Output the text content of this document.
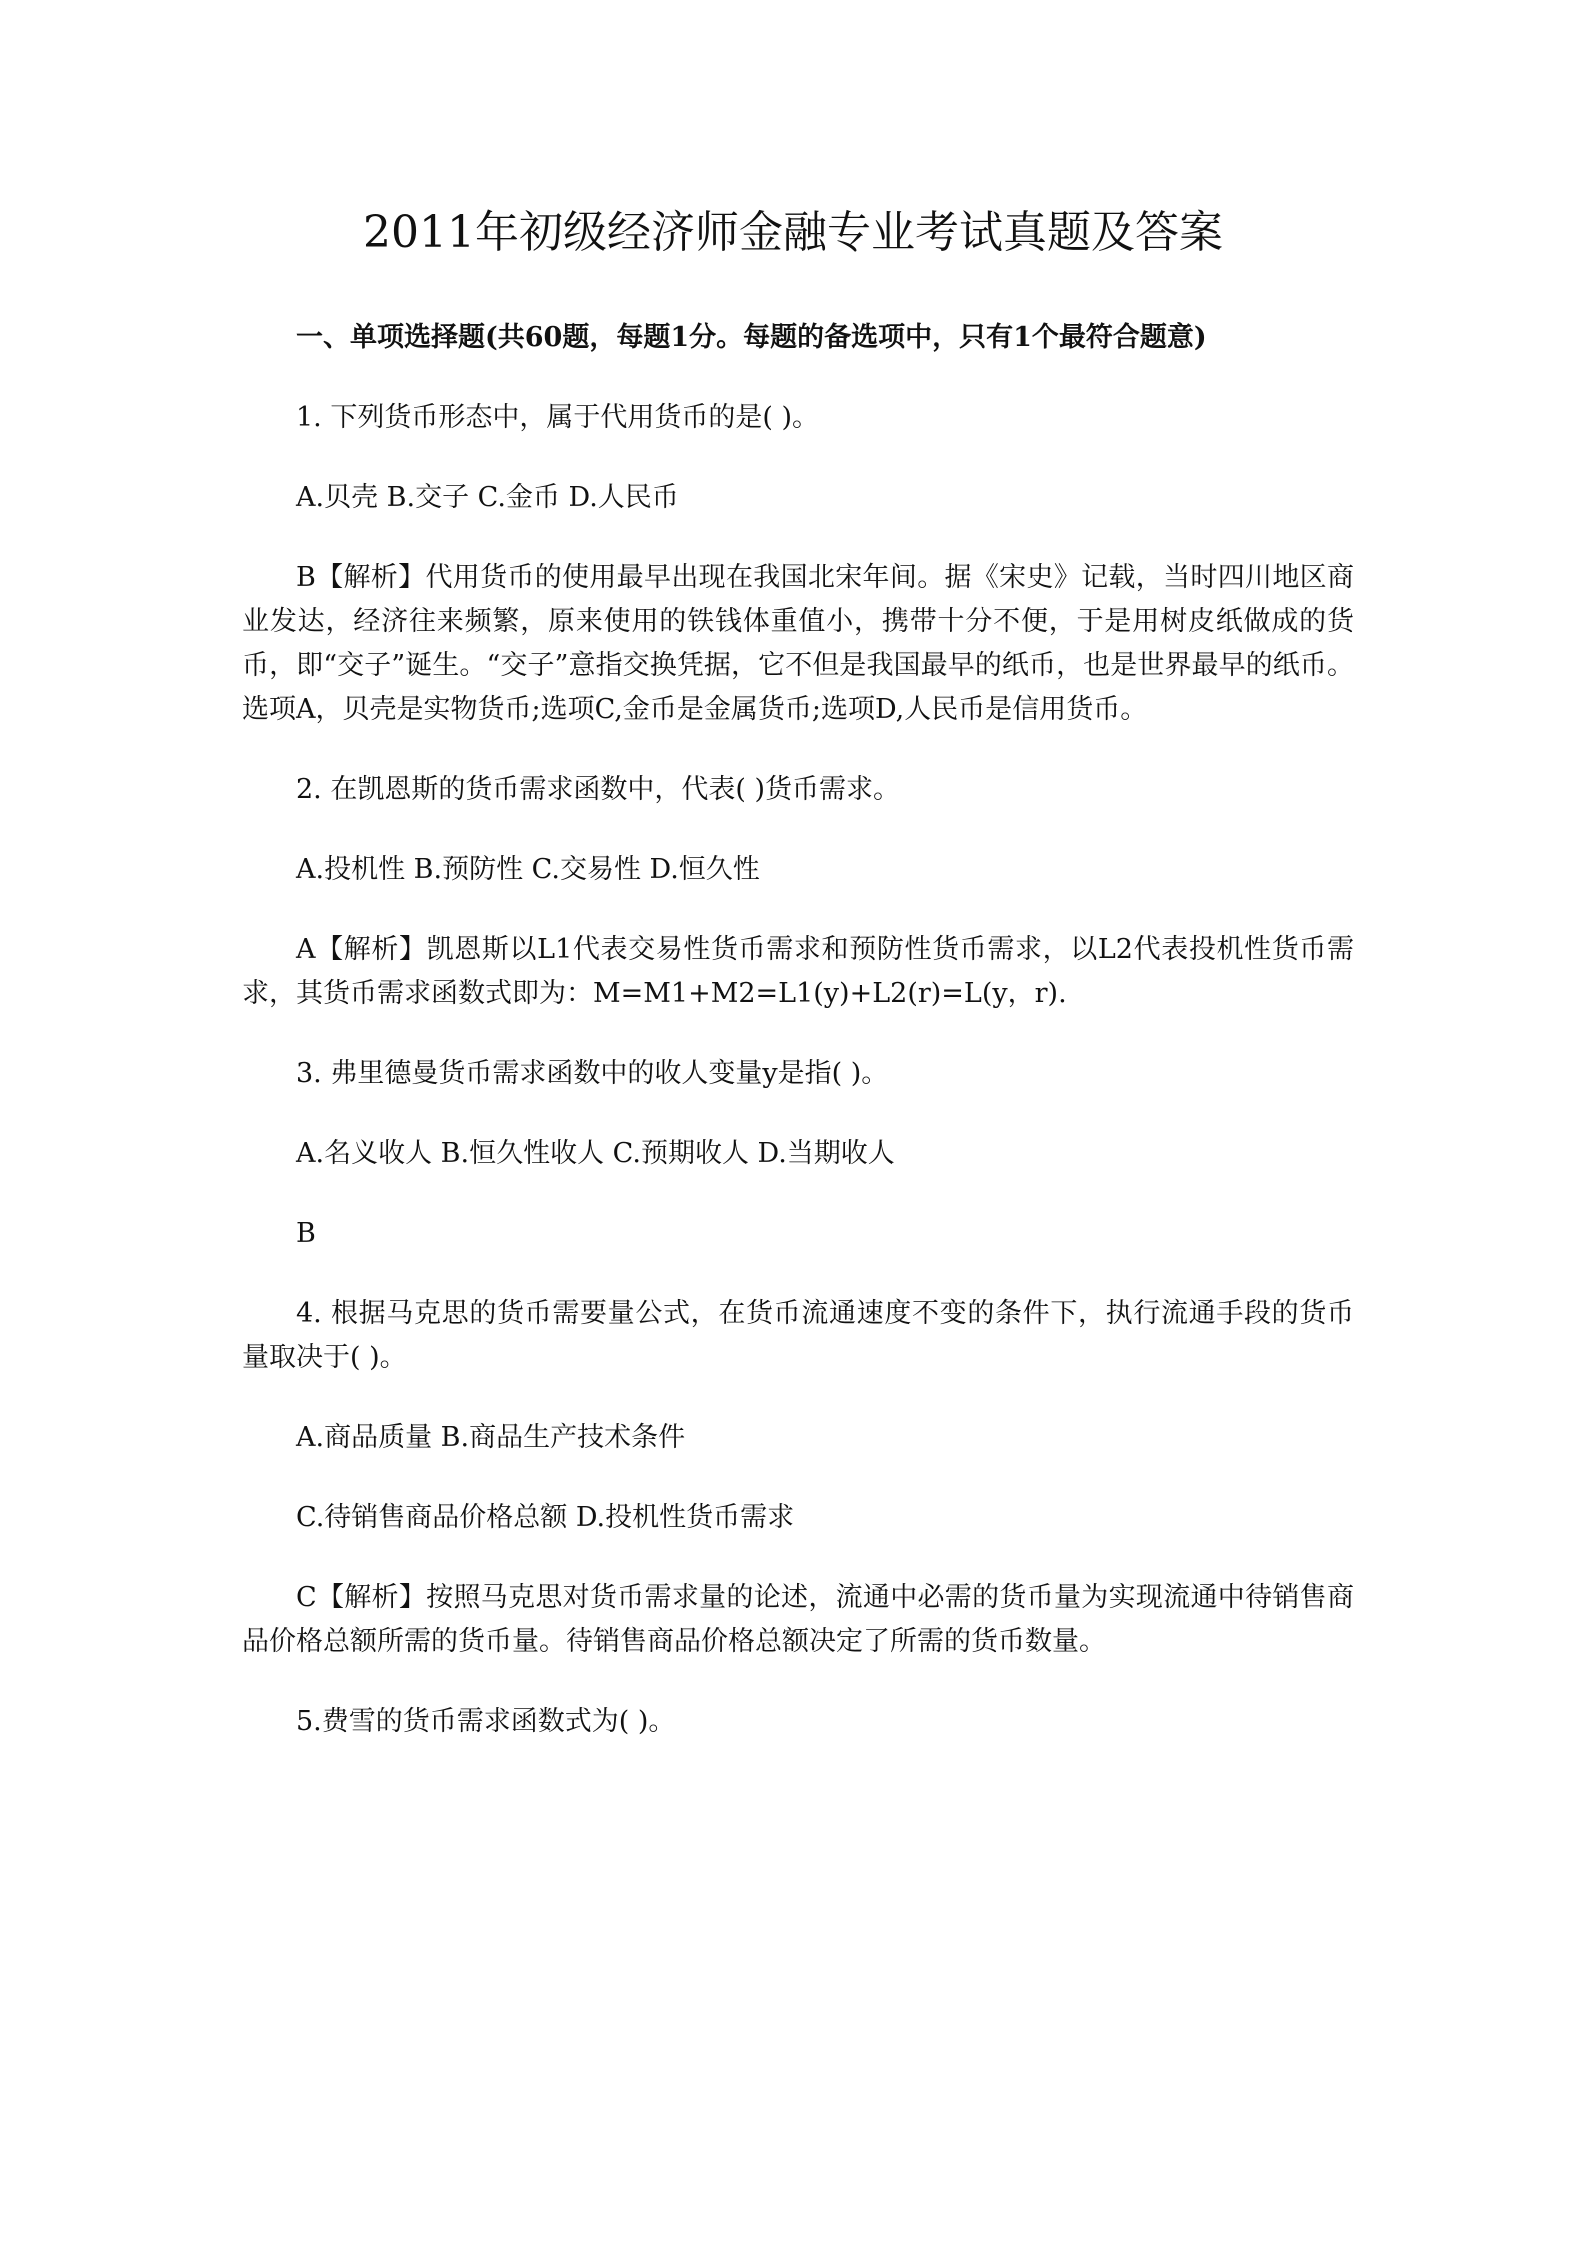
2011年初级经济师金融专业考试真题及答案

一、单项选择题(共60题，每题1分。每题的备选项中，只有1个最符合题意)

1. 下列货币形态中，属于代用货币的是( )。

A.贝壳 B.交子 C.金币 D.人民币

B【解析】代用货币的使用最早出现在我国北宋年间。据《宋史》记载，当时四川地区商业发达，经济往来频繁，原来使用的铁钱体重值小，携带十分不便，于是用树皮纸做成的货币，即“交子”诞生。“交子”意指交换凭据，它不但是我国最早的纸币，也是世界最早的纸币。选项A，贝壳是实物货币;选项C,金币是金属货币;选项D,人民币是信用货币。

2. 在凯恩斯的货币需求函数中，代表( )货币需求。

A.投机性 B.预防性 C.交易性 D.恒久性

A【解析】凯恩斯以L1代表交易性货币需求和预防性货币需求，以L2代表投机性货币需求，其货币需求函数式即为：M=M1+M2=L1(y)+L2(r)=L(y，r).

3. 弗里德曼货币需求函数中的收人变量y是指( )。

A.名义收人 B.恒久性收人 C.预期收人 D.当期收人

B

4. 根据马克思的货币需要量公式，在货币流通速度不变的条件下，执行流通手段的货币量取决于( )。

A.商品质量 B.商品生产技术条件

C.待销售商品价格总额 D.投机性货币需求

C【解析】按照马克思对货币需求量的论述，流通中必需的货币量为实现流通中待销售商品价格总额所需的货币量。待销售商品价格总额决定了所需的货币数量。

5.费雪的货币需求函数式为( )。
